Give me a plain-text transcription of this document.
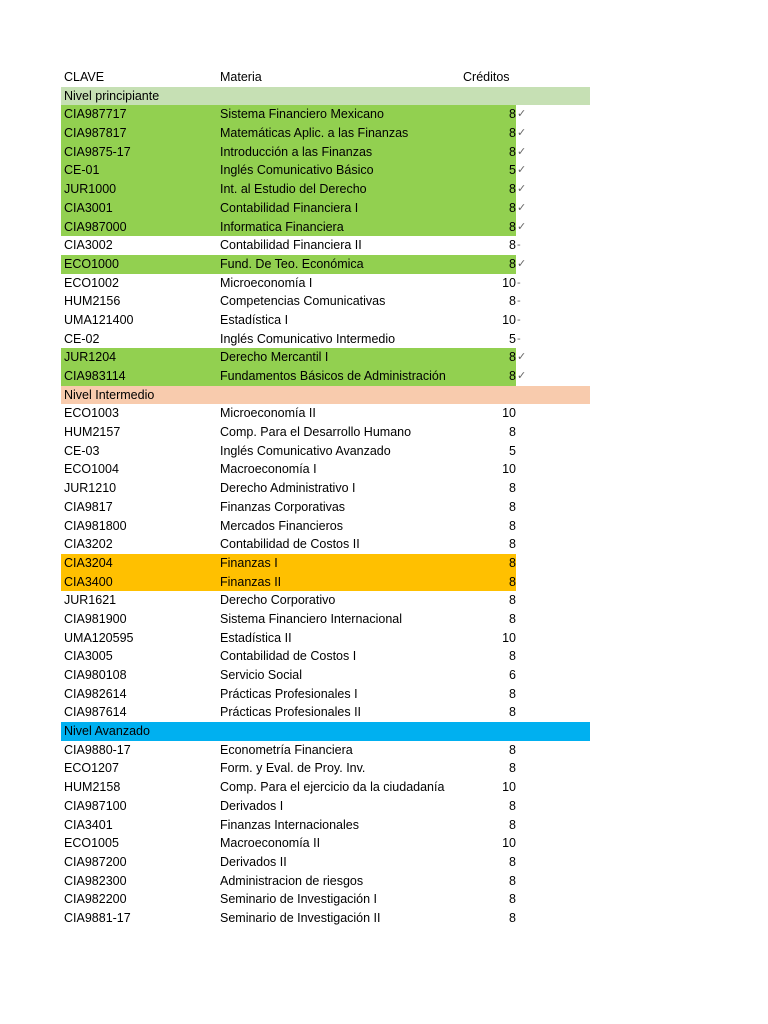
CLAVE	Materia	Créditos
Nivel principiante
CIA987717	Sistema Financiero Mexicano	8 ✓
CIA987817	Matemáticas Aplic. a las Finanzas	8 ✓
CIA9875-17	Introducción a las Finanzas	8 ✓
CE-01	Inglés Comunicativo Básico	5 ✓
JUR1000	Int. al Estudio del Derecho	8 ✓
CIA3001	Contabilidad Financiera I	8 ✓
CIA987000	Informatica Financiera	8 ✓
CIA3002	Contabilidad Financiera II	8 -
ECO1000	Fund. De Teo. Económica	8 ✓
ECO1002	Microeconomía I	10 -
HUM2156	Competencias Comunicativas	8 -
UMA121400	Estadística I	10 -
CE-02	Inglés Comunicativo Intermedio	5 -
JUR1204	Derecho Mercantil I	8 ✓
CIA983114	Fundamentos Básicos de Administración	8 ✓
Nivel Intermedio
ECO1003	Microeconomía II	10
HUM2157	Comp. Para el Desarrollo Humano	8
CE-03	Inglés Comunicativo Avanzado	5
ECO1004	Macroeconomía I	10
JUR1210	Derecho Administrativo I	8
CIA9817	Finanzas Corporativas	8
CIA981800	Mercados Financieros	8
CIA3202	Contabilidad de Costos II	8
CIA3204	Finanzas I	8
CIA3400	Finanzas II	8
JUR1621	Derecho Corporativo	8
CIA981900	Sistema Financiero Internacional	8
UMA120595	Estadística II	10
CIA3005	Contabilidad de Costos I	8
CIA980108	Servicio Social	6
CIA982614	Prácticas Profesionales I	8
CIA987614	Prácticas Profesionales II	8
Nivel Avanzado
CIA9880-17	Econometría Financiera	8
ECO1207	Form. y Eval. de Proy. Inv.	8
HUM2158	Comp. Para el ejercicio da la ciudadanía	10
CIA987100	Derivados I	8
CIA3401	Finanzas Internacionales	8
ECO1005	Macroeconomía II	10
CIA987200	Derivados II	8
CIA982300	Administracion de riesgos	8
CIA982200	Seminario de Investigación I	8
CIA9881-17	Seminario de Investigación II	8
